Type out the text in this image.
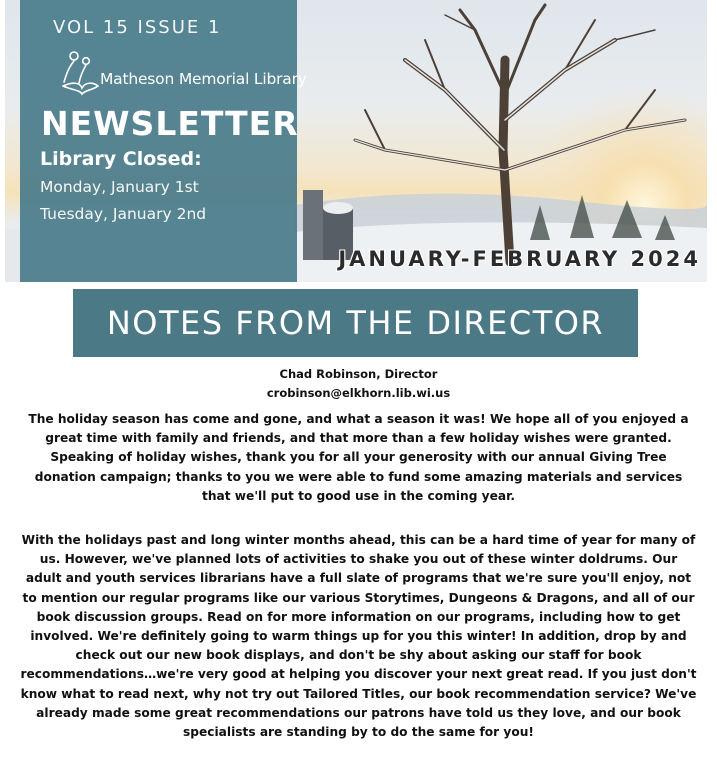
VOL 15 ISSUE 1
Matheson Memorial Library
NEWSLETTER
Library Closed:
Monday, January 1st
Tuesday, January 2nd
JANUARY-FEBRUARY 2024
NOTES FROM THE DIRECTOR
Chad Robinson, Director
crobinson@elkhorn.lib.wi.us
The holiday season has come and gone, and what a season it was! We hope all of you enjoyed a great time with family and friends, and that more than a few holiday wishes were granted. Speaking of holiday wishes, thank you for all your generosity with our annual Giving Tree donation campaign; thanks to you we were able to fund some amazing materials and services that we'll put to good use in the coming year.
With the holidays past and long winter months ahead, this can be a hard time of year for many of us. However, we've planned lots of activities to shake you out of these winter doldrums. Our adult and youth services librarians have a full slate of programs that we're sure you'll enjoy, not to mention our regular programs like our various Storytimes, Dungeons & Dragons, and all of our book discussion groups. Read on for more information on our programs, including how to get involved. We're definitely going to warm things up for you this winter! In addition, drop by and check out our new book displays, and don't be shy about asking our staff for book recommendations…we're very good at helping you discover your next great read. If you just don't know what to read next, why not try out Tailored Titles, our book recommendation service? We've already made some great recommendations our patrons have told us they love, and our book specialists are standing by to do the same for you!
